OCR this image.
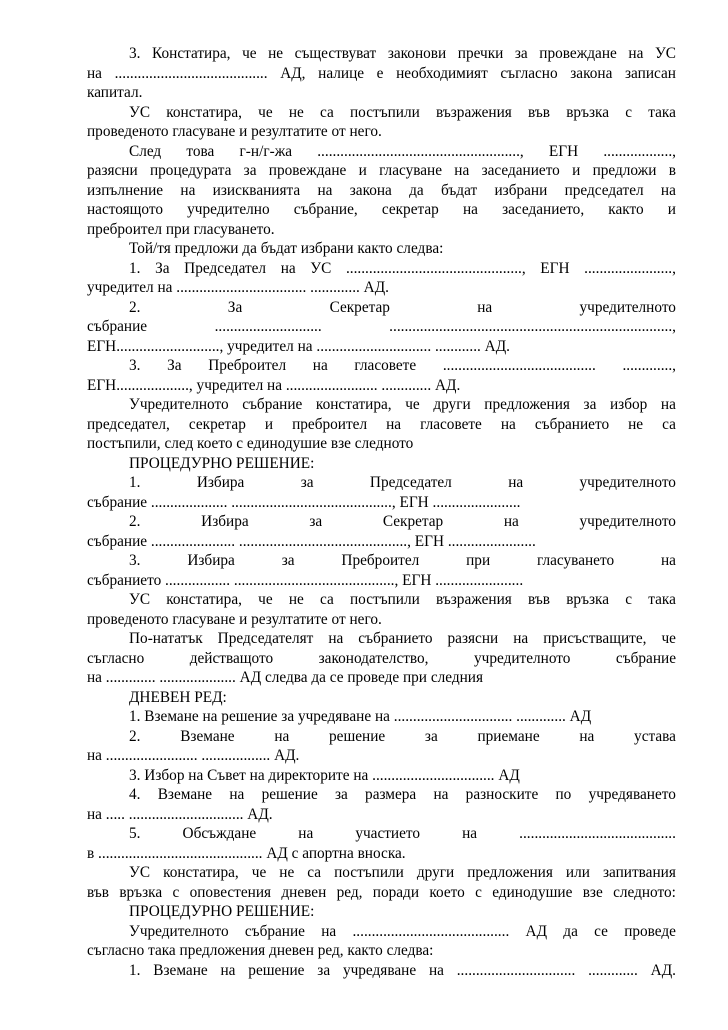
3. Констатира, че не съществуват законови пречки за провеждане на УС
на ........................................ АД, налице е необходимият съгласно закона записан
капитал.
УС констатира, че не са постъпили възражения във връзка с така
проведеното гласуване и резултатите от него.
След това г-н/г-жа ....................................................., ЕГН ..................,
разясни процедурата за провеждане и гласуване на заседанието и предложи в
изпълнение на изискванията на закона да бъдат избрани председател на
настоящото учредително събрание, секретар на заседанието, както и
преброител при гласуването.
Той/тя предложи да бъдат избрани както следва:
1. За Председател на УС .............................................., ЕГН .......................,
учредител на .................................. ............. АД.
2.	За	Секретар	на	учредителното
събрание	............................	..........................................................................,
ЕГН..........................., учредител на .............................. ............ АД.
3. За Преброител на гласовете ........................................ .............,
ЕГН..................., учредител на ........................ ............. АД.
Учредителното събрание констатира, че други предложения за избор на
председател, секретар и преброител на гласовете на събранието не са
постъпили, след което с единодушие взе следното
ПРОЦЕДУРНО РЕШЕНИЕ:
1.	Избира	за	Председател	на	учредителното
събрание .................... .........................................., ЕГН .......................
2.	Избира	за	Секретар	на	учредителното
събрание ...................... ............................................, ЕГН .......................
3.	Избира	за	Преброител	при	гласуването	на
събранието ................. .........................................., ЕГН .......................
УС констатира, че не са постъпили възражения във връзка с така
проведеното гласуване и резултатите от него.
По-нататък Председателят на събранието разясни на присъстващите, че
съгласно	действащото	законодателство,	учредителното	събрание
на ............. .................... АД следва да се проведе при следния
ДНЕВЕН РЕД:
1. Вземане на решение за учредяване на ............................... ............. АД
2.	Вземане	на	решение	за	приемане	на	устава
на ........................ .................. АД.
3. Избор на Съвет на директорите на ................................ АД
4. Вземане на решение за размера на разноските по учредяването
на ..... .............................. АД.
5.	Обсъждане	на	участието	на	.........................................
в ........................................... АД с апортна вноска.
УС констатира, че не са постъпили други предложения или запитвания
във връзка с оповестения дневен ред, поради което с единодушие взе следното:
ПРОЦЕДУРНО РЕШЕНИЕ:
Учредителното събрание на ......................................... АД да се проведе
съгласно така предложения дневен ред, както следва:
1. Вземане на решение за учредяване на ............................... ............. АД.
